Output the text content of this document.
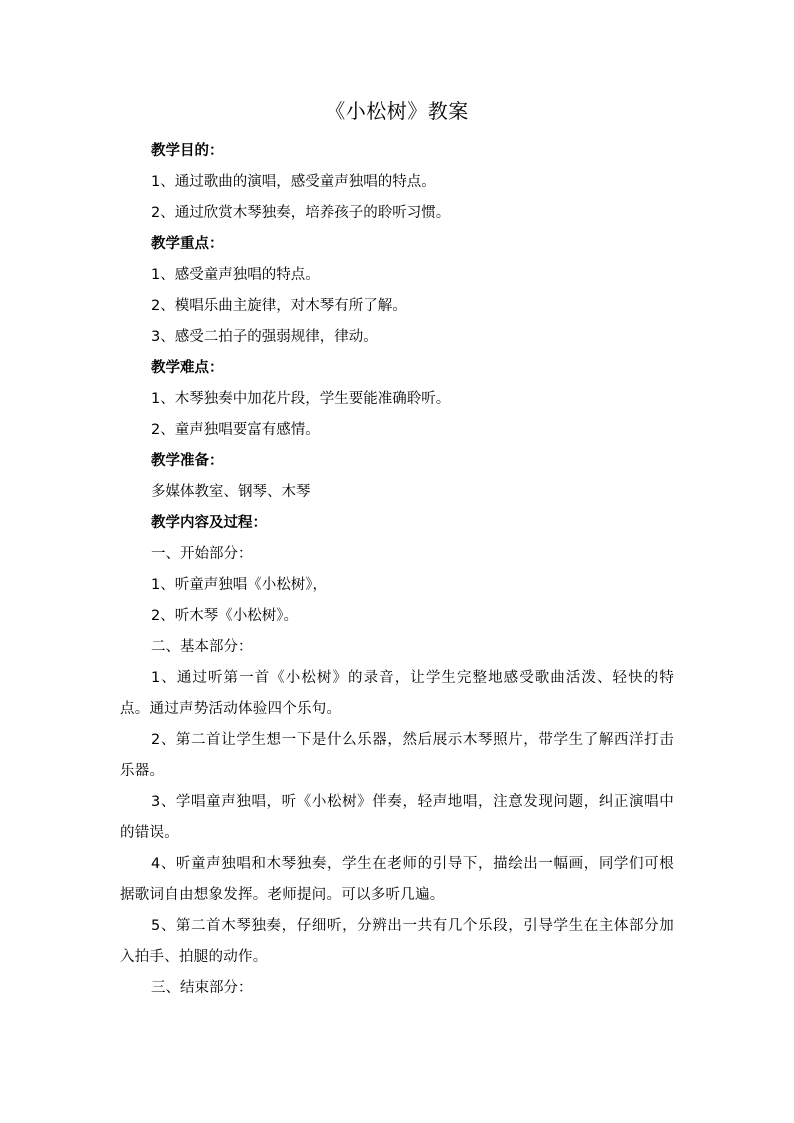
《小松树》教案

教学目的：

1、通过歌曲的演唱，感受童声独唱的特点。

2、通过欣赏木琴独奏，培养孩子的聆听习惯。

教学重点：

1、感受童声独唱的特点。

2、模唱乐曲主旋律，对木琴有所了解。

3、感受二拍子的强弱规律，律动。

教学难点：

1、木琴独奏中加花片段，学生要能准确聆听。

2、童声独唱要富有感情。

教学准备：

多媒体教室、钢琴、木琴

教学内容及过程：

一、开始部分：

1、听童声独唱《小松树》，

2、听木琴《小松树》。

二、基本部分：

1、通过听第一首《小松树》的录音，让学生完整地感受歌曲活泼、轻快的特点。通过声势活动体验四个乐句。

2、第二首让学生想一下是什么乐器，然后展示木琴照片，带学生了解西洋打击乐器。

3、学唱童声独唱，听《小松树》伴奏，轻声地唱，注意发现问题，纠正演唱中的错误。

4、听童声独唱和木琴独奏，学生在老师的引导下，描绘出一幅画，同学们可根据歌词自由想象发挥。老师提问。可以多听几遍。

5、第二首木琴独奏，仔细听，分辨出一共有几个乐段，引导学生在主体部分加入拍手、拍腿的动作。

三、结束部分：
